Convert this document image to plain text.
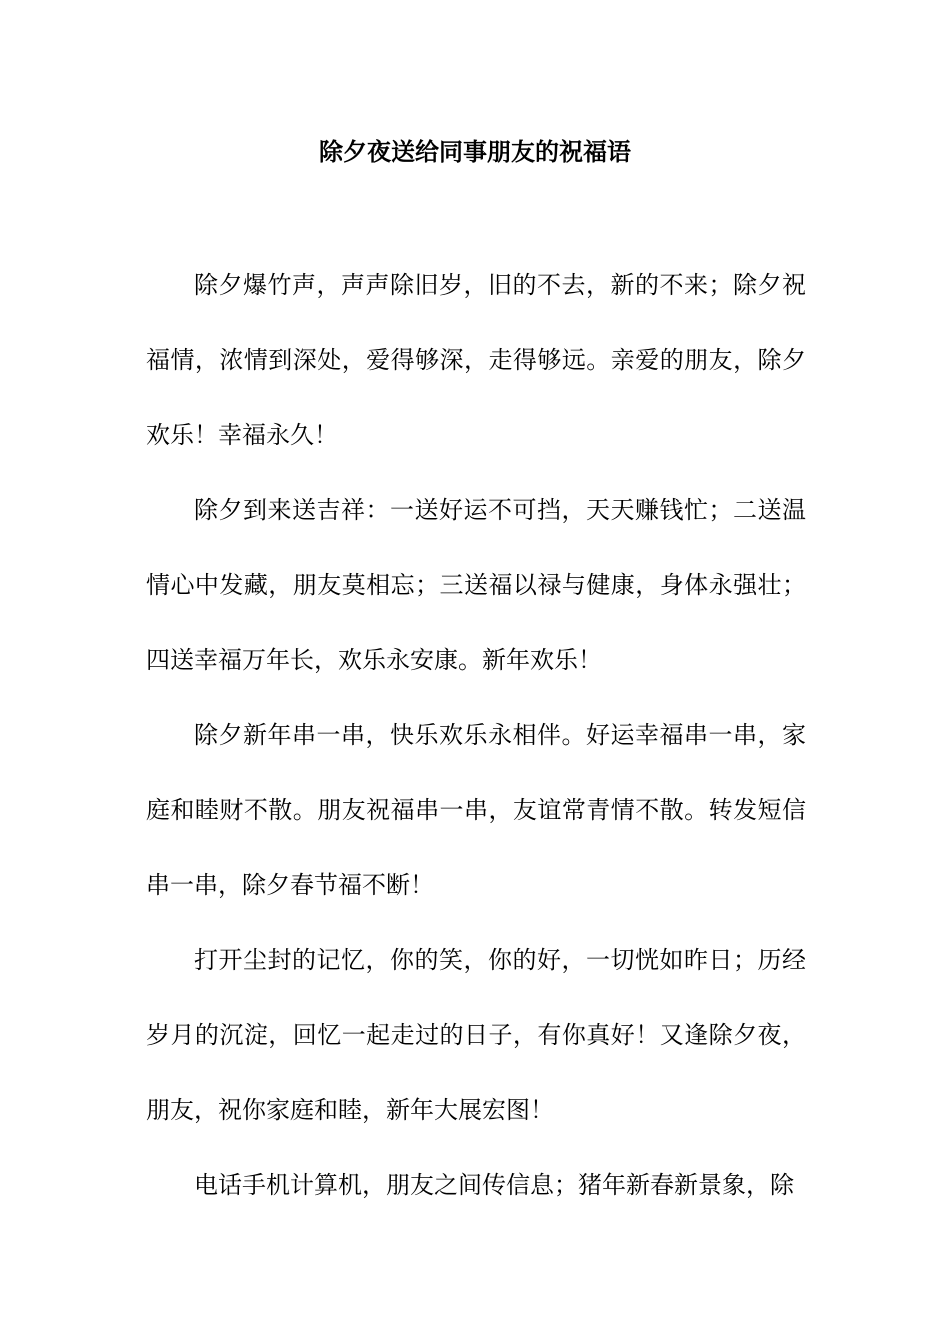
除夕夜送给同事朋友的祝福语

除夕爆竹声，声声除旧岁，旧的不去，新的不来；除夕祝福情，浓情到深处，爱得够深，走得够远。亲爱的朋友，除夕欢乐！幸福永久！

除夕到来送吉祥：一送好运不可挡，天天赚钱忙；二送温情心中发藏，朋友莫相忘；三送福以禄与健康，身体永强壮；四送幸福万年长，欢乐永安康。新年欢乐！

除夕新年串一串，快乐欢乐永相伴。好运幸福串一串，家庭和睦财不散。朋友祝福串一串，友谊常青情不散。转发短信串一串，除夕春节福不断！

打开尘封的记忆，你的笑，你的好，一切恍如昨日；历经岁月的沉淀，回忆一起走过的日子，有你真好！又逢除夕夜，朋友，祝你家庭和睦，新年大展宏图！

电话手机计算机，朋友之间传信息；猪年新春新景象，除
